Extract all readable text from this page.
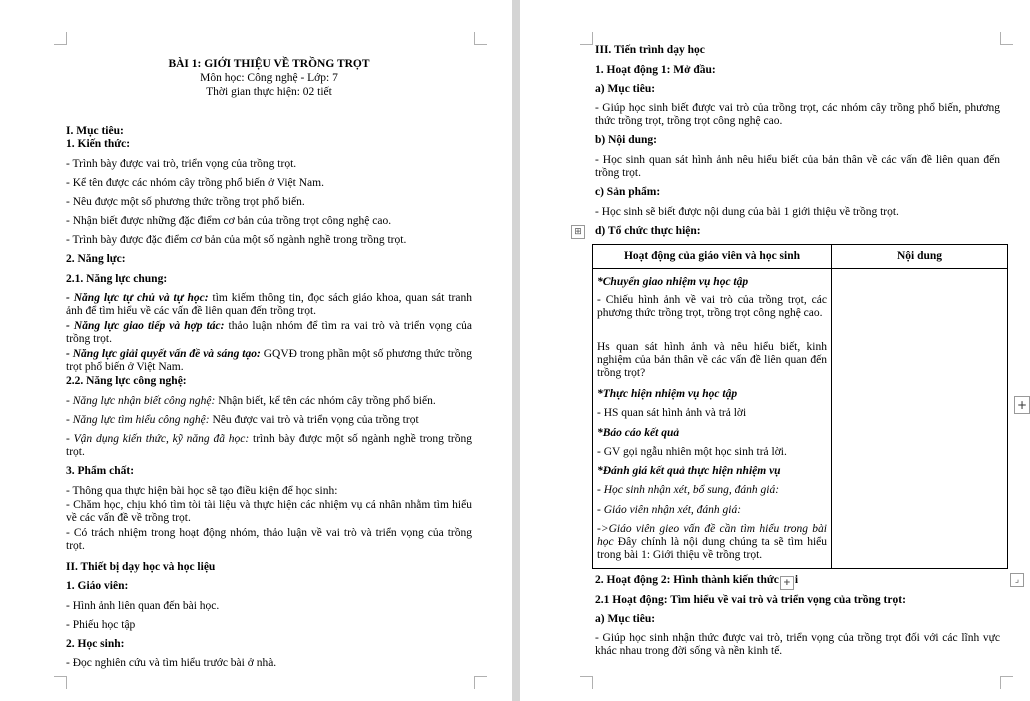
BÀI 1: GIỚI THIỆU VỀ TRỒNG TRỌT
Môn học: Công nghệ - Lớp: 7
Thời gian thực hiện: 02 tiết
I. Mục tiêu:
1. Kiến thức:
- Trình bày được vai trò, triển vọng của trồng trọt.
- Kể tên được các nhóm cây trồng phổ biến ở Việt Nam.
- Nêu được một số phương thức trồng trọt phổ biến.
- Nhận biết được những đặc điểm cơ bản của trồng trọt công nghệ cao.
- Trình bày được đặc điểm cơ bản của một số ngành nghề trong trồng trọt.
2. Năng lực:
2.1. Năng lực chung:
- Năng lực tự chủ và tự học: tìm kiếm thông tin, đọc sách giáo khoa, quan sát tranh ảnh để tìm hiểu về các vấn đề liên quan đến trồng trọt.
- Năng lực giao tiếp và hợp tác: thảo luận nhóm để tìm ra vai trò và triển vọng của trồng trọt.
- Năng lực giải quyết vấn đề và sáng tạo: GQVĐ trong phần một số phương thức trồng trọt phổ biến ở Việt Nam.
2.2. Năng lực công nghệ:
- Năng lực nhận biết công nghệ: Nhận biết, kể tên các nhóm cây trồng phổ biến.
- Năng lực tìm hiểu công nghệ: Nêu được vai trò và triển vọng của trồng trọt
- Vận dụng kiến thức, kỹ năng đã học: trình bày được một số ngành nghề trong trồng trọt.
3. Phẩm chất:
- Thông qua thực hiện bài học sẽ tạo điều kiện để học sinh:
- Chăm học, chịu khó tìm tòi tài liệu và thực hiện các nhiệm vụ cá nhân nhằm tìm hiểu về các vấn đề về trồng trọt.
- Có trách nhiệm trong hoạt động nhóm, thảo luận về vai trò và triển vọng của trồng trọt.
II. Thiết bị dạy học và học liệu
1. Giáo viên:
- Hình ảnh liên quan đến bài học.
- Phiếu học tập
2. Học sinh:
- Đọc nghiên cứu và tìm hiểu trước bài ở nhà.
III. Tiến trình dạy học
1. Hoạt động 1: Mở đầu:
a) Mục tiêu:
- Giúp học sinh biết được vai trò của trồng trọt, các nhóm cây trồng phổ biến, phương thức trồng trọt, trồng trọt công nghệ cao.
b) Nội dung:
- Học sinh quan sát hình ảnh nêu hiểu biết của bản thân về các vấn đề liên quan đến trồng trọt.
c) Sản phẩm:
- Học sinh sẽ biết được nội dung của bài 1 giới thiệu về trồng trọt.
⊞ d) Tổ chức thực hiện:
Hoạt động của giáo viên và học sinh	Nội dung
*Chuyển giao nhiệm vụ học tập
- Chiếu hình ảnh về vai trò của trồng trọt, các phương thức trồng trọt, trồng trọt công nghệ cao.
Hs quan sát hình ảnh và nêu hiểu biết, kinh nghiệm của bản thân về các vấn đề liên quan đến trồng trọt?
*Thực hiện nhiệm vụ học tập
- HS quan sát hình ảnh và trả lời
*Báo cáo kết quả
- GV gọi ngẫu nhiên một học sinh trả lời.
*Đánh giá kết quả thực hiện nhiệm vụ
- Học sinh nhận xét, bổ sung, đánh giá:
- Giáo viên nhận xét, đánh giá:
->Giáo viên gieo vấn đề cần tìm hiểu trong bài học Đây chính là nội dung chúng ta sẽ tìm hiểu trong bài 1: Giới thiệu về trồng trọt.
⌟
2. Hoạt động 2: Hình thành kiến thức + i
2.1 Hoạt động: Tìm hiểu về vai trò và triển vọng của trồng trọt:
a) Mục tiêu:
- Giúp học sinh nhận thức được vai trò, triển vọng của trồng trọt đối với các lĩnh vực khác nhau trong đời sống và nền kinh tế.
+
